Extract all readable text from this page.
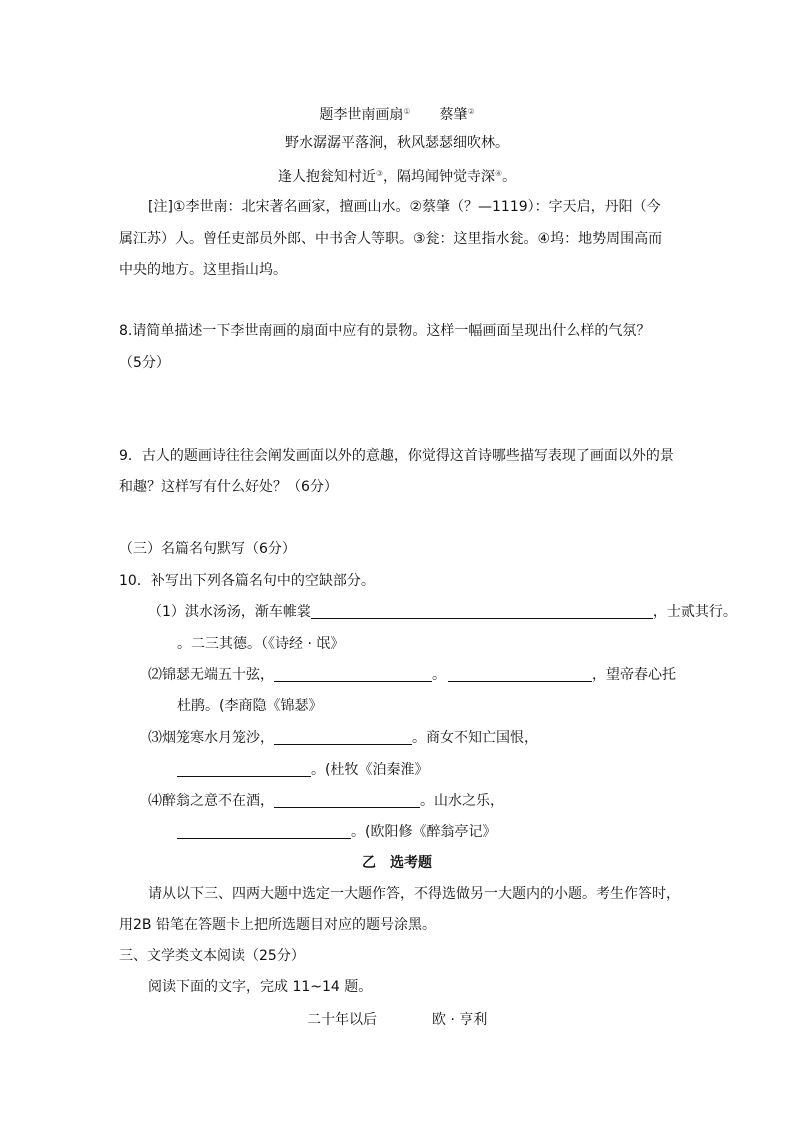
题李世南画扇① 蔡肇②
野水潺潺平落涧，秋风瑟瑟细吹林。
逢人抱瓮知村近③，隔坞闻钟觉寺深④。
[注]①李世南：北宋著名画家，擅画山水。②蔡肇（？—1119）：字天启，丹阳（今
属江苏）人。曾任吏部员外郎、中书舍人等职。③瓮：这里指水瓮。④坞：地势周围高而
中央的地方。这里指山坞。
8.请简单描述一下李世南画的扇面中应有的景物。这样一幅画面呈现出什么样的气氛？
（5分）
9．古人的题画诗往往会阐发画面以外的意趣，你觉得这首诗哪些描写表现了画面以外的景
和趣？这样写有什么好处？（6分）
（三）名篇名句默写（6分）
10．补写出下列各篇名句中的空缺部分。
（1）淇水汤汤，渐车帷裳	，士贰其行。
。二三其德。（《诗经 · 氓》
⑵锦瑟无端五十弦，	。	，望帝春心托
杜鹃。(李商隐《锦瑟》
⑶烟笼寒水月笼沙，	。商女不知亡国恨，
。(杜牧《泊秦淮》
⑷醉翁之意不在酒，	。山水之乐，
。(欧阳修《醉翁亭记》
乙　选考题
请从以下三、四两大题中选定一大题作答，不得选做另一大题内的小题。考生作答时，
用2B 铅笔在答题卡上把所选题目对应的题号涂黑。
三、文学类文本阅读（25分）
阅读下面的文字，完成 11~14 题。
二十年以后	欧 · 亨利
